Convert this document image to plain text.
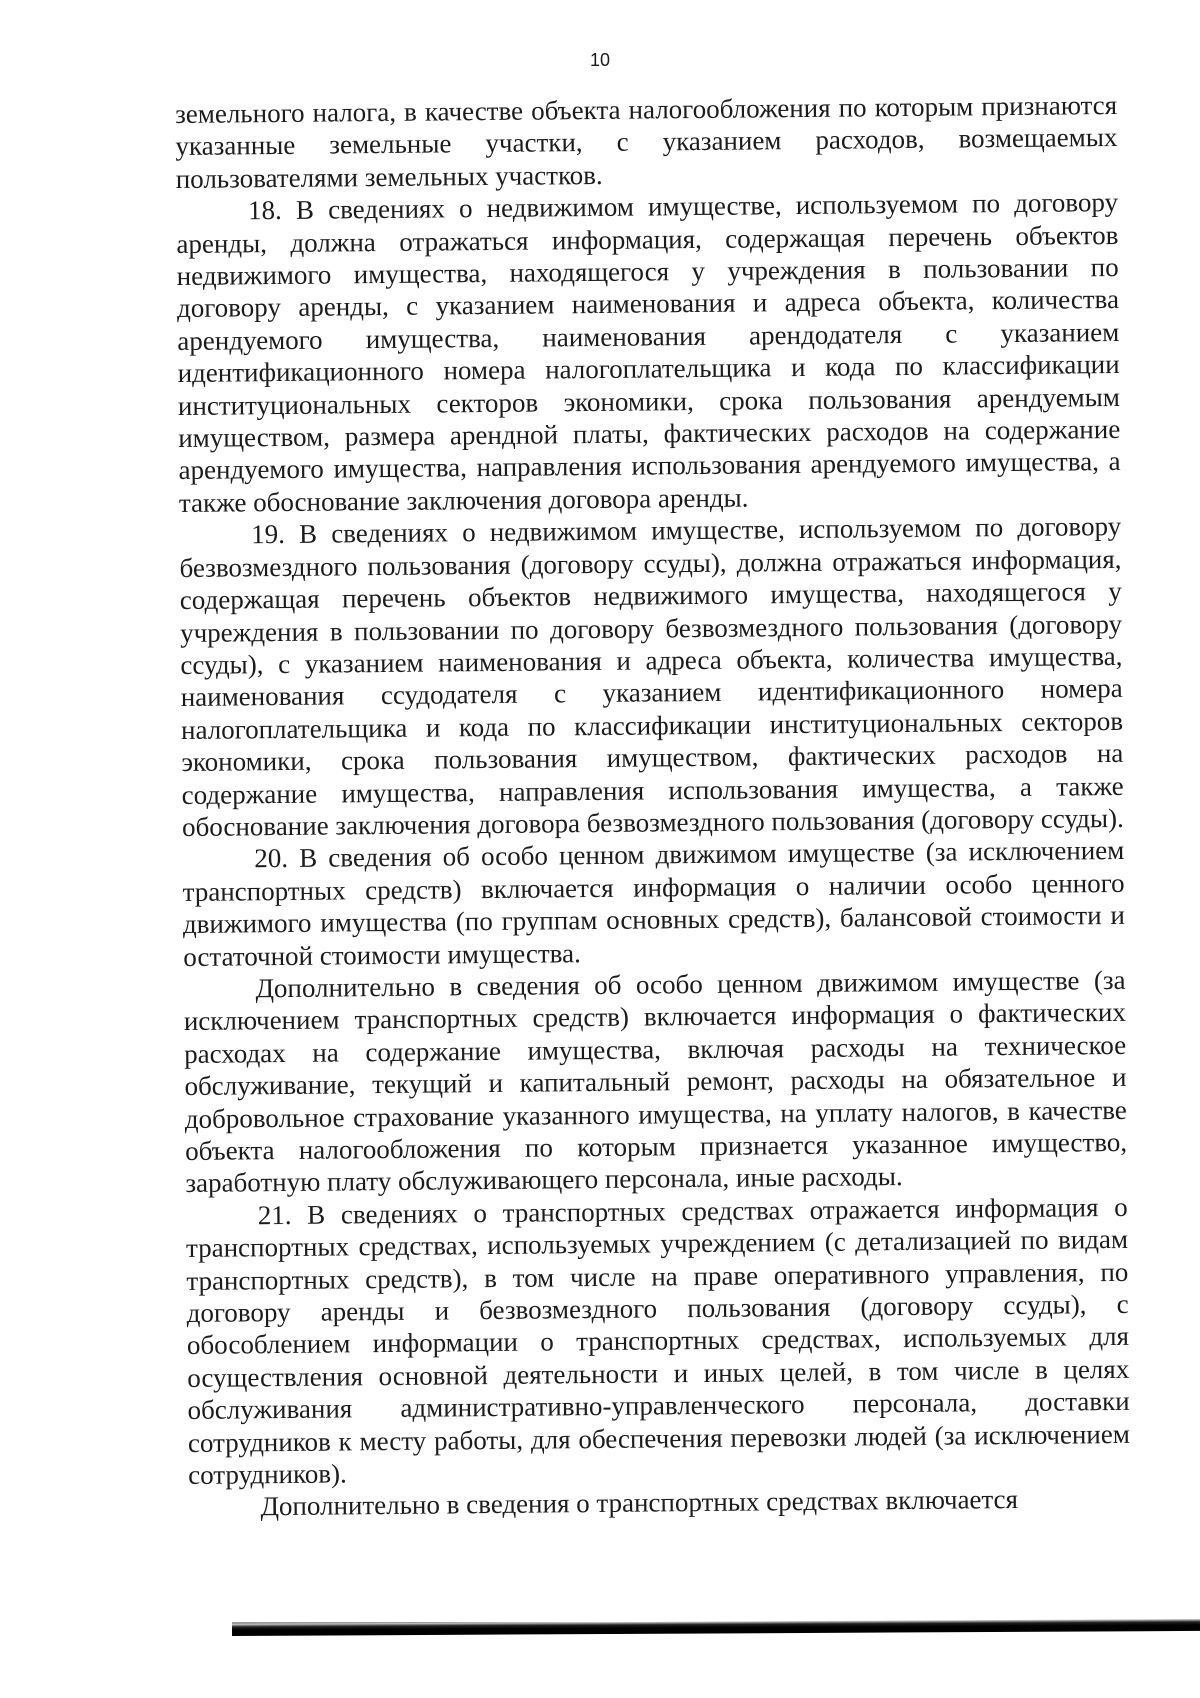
10

земельного налога, в качестве объекта налогообложения по которым признаются указанные земельные участки, с указанием расходов, возмещаемых пользователями земельных участков.

18. В сведениях о недвижимом имуществе, используемом по договору аренды, должна отражаться информация, содержащая перечень объектов недвижимого имущества, находящегося у учреждения в пользовании по договору аренды, с указанием наименования и адреса объекта, количества арендуемого имущества, наименования арендодателя с указанием идентификационного номера налогоплательщика и кода по классификации институциональных секторов экономики, срока пользования арендуемым имуществом, размера арендной платы, фактических расходов на содержание арендуемого имущества, направления использования арендуемого имущества, а также обоснование заключения договора аренды.

19. В сведениях о недвижимом имуществе, используемом по договору безвозмездного пользования (договору ссуды), должна отражаться информация, содержащая перечень объектов недвижимого имущества, находящегося у учреждения в пользовании по договору безвозмездного пользования (договору ссуды), с указанием наименования и адреса объекта, количества имущества, наименования ссудодателя с указанием идентификационного номера налогоплательщика и кода по классификации институциональных секторов экономики, срока пользования имуществом, фактических расходов на содержание имущества, направления использования имущества, а также обоснование заключения договора безвозмездного пользования (договору ссуды).

20. В сведения об особо ценном движимом имуществе (за исключением транспортных средств) включается информация о наличии особо ценного движимого имущества (по группам основных средств), балансовой стоимости и остаточной стоимости имущества.

Дополнительно в сведения об особо ценном движимом имуществе (за исключением транспортных средств) включается информация о фактических расходах на содержание имущества, включая расходы на техническое обслуживание, текущий и капитальный ремонт, расходы на обязательное и добровольное страхование указанного имущества, на уплату налогов, в качестве объекта налогообложения по которым признается указанное имущество, заработную плату обслуживающего персонала, иные расходы.

21. В сведениях о транспортных средствах отражается информация о транспортных средствах, используемых учреждением (с детализацией по видам транспортных средств), в том числе на праве оперативного управления, по договору аренды и безвозмездного пользования (договору ссуды), с обособлением информации о транспортных средствах, используемых для осуществления основной деятельности и иных целей, в том числе в целях обслуживания административно-управленческого персонала, доставки сотрудников к месту работы, для обеспечения перевозки людей (за исключением сотрудников).

Дополнительно в сведения о транспортных средствах включается
